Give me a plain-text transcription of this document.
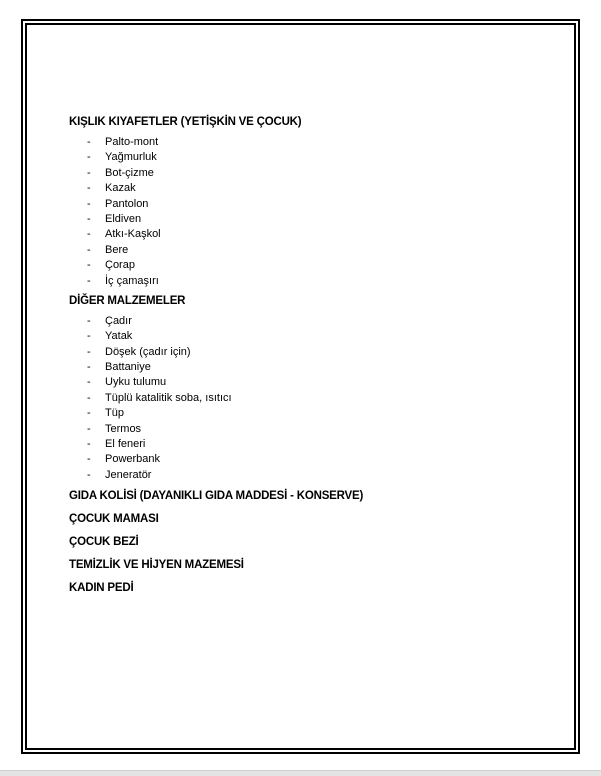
KIŞLIK KIYAFETLER (YETİŞKİN VE ÇOCUK)

- Palto-mont
- Yağmurluk
- Bot-çizme
- Kazak
- Pantolon
- Eldiven
- Atkı-Kaşkol
- Bere
- Çorap
- İç çamaşırı

DİĞER MALZEMELER

- Çadır
- Yatak
- Döşek (çadır için)
- Battaniye
- Uyku tulumu
- Tüplü katalitik soba, ısıtıcı
- Tüp
- Termos
- El feneri
- Powerbank
- Jeneratör

GIDA KOLİSİ (DAYANIKLI GIDA MADDESİ - KONSERVE)

ÇOCUK MAMASI

ÇOCUK BEZİ

TEMİZLİK VE HİJYEN MAZEMESİ

KADIN PEDİ
